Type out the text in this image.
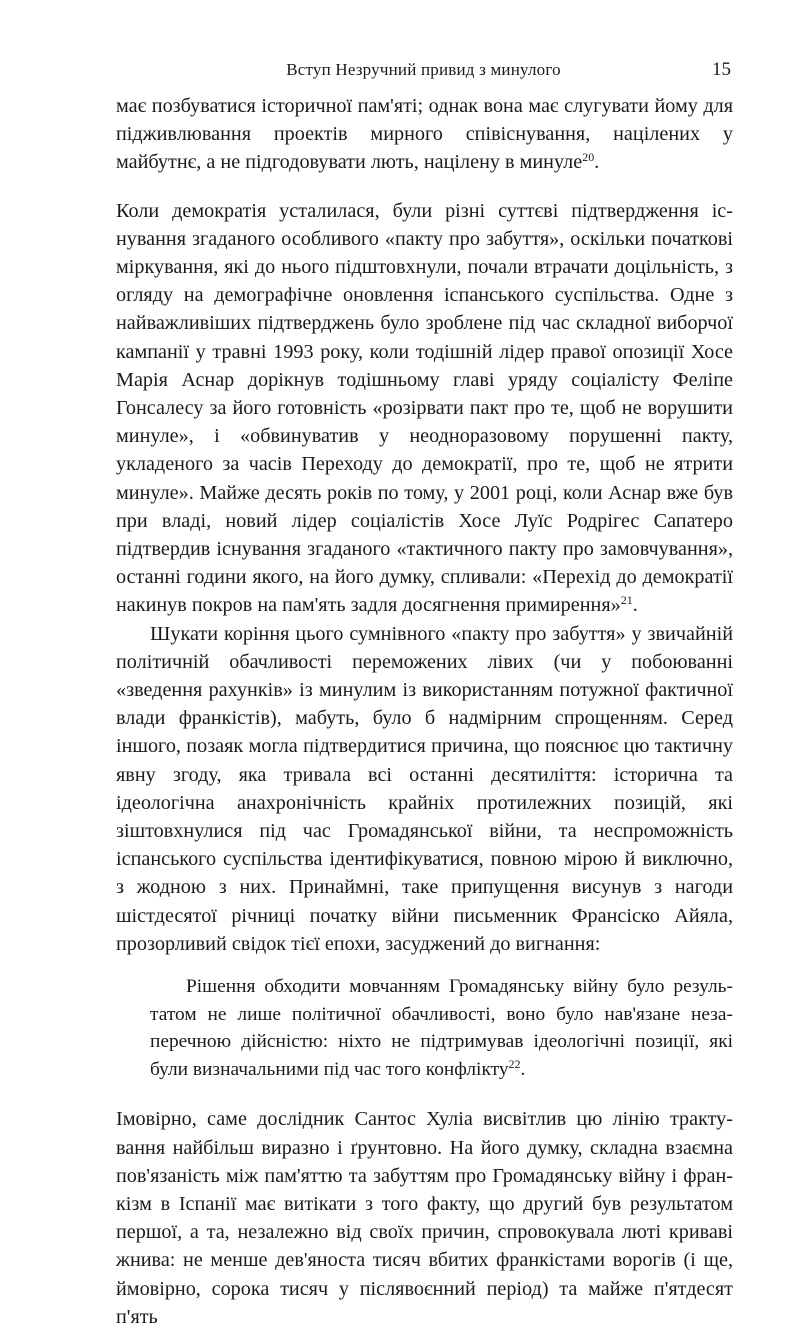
Вступ Незручний привид з минулого	15

має позбуватися історичної пам'яті; однак вона має слугувати йому для підживлювання проектів мирного співіснування, націлених у майбутнє, а не підгодовувати лють, націлену в минуле$^{20}$.

Коли демократія усталилася, були різні суттєві підтвердження існування згаданого особливого «пакту про забуття», оскільки початкові міркування, які до нього підштовхнули, почали втрачати доцільність, з огляду на демографічне оновлення іспанського суспільства. Одне з найважливіших підтверджень було зроблене під час складної виборчої кампанії у травні 1993 року, коли тодішній лідер правої опозиції Хосе Марія Аснар дорікнув тодішньому главі уряду соціалісту Феліпе Гонсалесу за його готовність «розірвати пакт про те, щоб не ворушити минуле», і «обвинуватив у неодноразовому порушенні пакту, укладеного за часів Переходу до демократії, про те, щоб не ятрити минуле». Майже десять років по тому, у 2001 році, коли Аснар вже був при владі, новий лідер соціалістів Хосе Луїс Родрігес Сапатеро підтвердив існування згаданого «тактичного пакту про замовчування», останні години якого, на його думку, спливали: «Перехід до демократії накинув покров на пам'ять задля досягнення примирення»$^{21}$.

Шукати коріння цього сумнівного «пакту про забуття» у звичайній політичній обачливості переможених лівих (чи у побоюванні «зведення рахунків» із минулим із використанням потужної фактичної влади франкістів), мабуть, було б надмірним спрощенням. Серед іншого, позаяк могла підтвердитися причина, що пояснює цю тактичну явну згоду, яка тривала всі останні десятиліття: історична та ідеологічна анахронічність крайніх протилежних позицій, які зіштовхнулися під час Громадянської війни, та неспроможність іспанського суспільства ідентифікуватися, повною мірою й виключно, з жодною з них. Принаймні, таке припущення висунув з нагоди шістдесятої річниці початку війни письменник Франсіско Айяла, прозорливий свідок тієї епохи, засуджений до вигнання:

Рішення обходити мовчанням Громадянську війну було результатом не лише політичної обачливості, воно було нав'язане незаперечною дійсністю: ніхто не підтримував ідеологічні позиції, які були визначальними під час того конфлікту$^{22}$.

Імовірно, саме дослідник Сантос Хуліа висвітлив цю лінію трактування найбільш виразно і ґрунтовно. На його думку, складна взаємна пов'язаність між пам'яттю та забуттям про Громадянську війну і франкізм в Іспанії має витікати з того факту, що другий був результатом першої, а та, незалежно від своїх причин, спровокувала люті криваві жнива: не менше дев'яноста тисяч вбитих франкістами ворогів (і ще, ймовірно, сорока тисяч у післявоєнний період) та майже п'ятдесят п'ять
